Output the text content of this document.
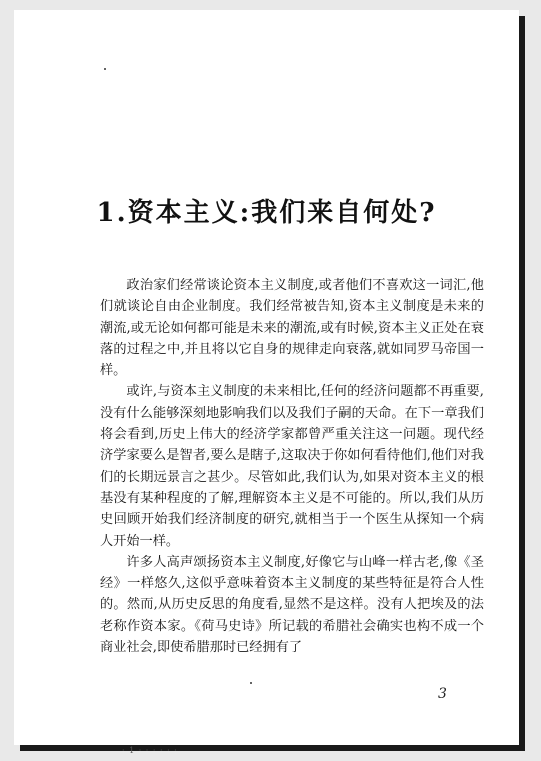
1.资本主义:我们来自何处?

政治家们经常谈论资本主义制度,或者他们不喜欢这一词汇,他们就谈论自由企业制度。我们经常被告知,资本主义制度是未来的潮流,或无论如何都可能是未来的潮流,或有时候,资本主义正处在衰落的过程之中,并且将以它自身的规律走向衰落,就如同罗马帝国一样。

或许,与资本主义制度的未来相比,任何的经济问题都不再重要,没有什么能够深刻地影响我们以及我们子嗣的天命。在下一章我们将会看到,历史上伟大的经济学家都曾严重关注这一问题。现代经济学家要么是智者,要么是瞎子,这取决于你如何看待他们,他们对我们的长期远景言之甚少。尽管如此,我们认为,如果对资本主义的根基没有某种程度的了解,理解资本主义是不可能的。所以,我们从历史回顾开始我们经济制度的研究,就相当于一个医生从探知一个病人开始一样。

许多人高声颂扬资本主义制度,好像它与山峰一样古老,像《圣经》一样悠久,这似乎意味着资本主义制度的某些特征是符合人性的。然而,从历史反思的角度看,显然不是这样。没有人把埃及的法老称作资本家。《荷马史诗》所记载的希腊社会确实也构不成一个商业社会,即使希腊那时已经拥有了

3
· 1 · · · · · ·
